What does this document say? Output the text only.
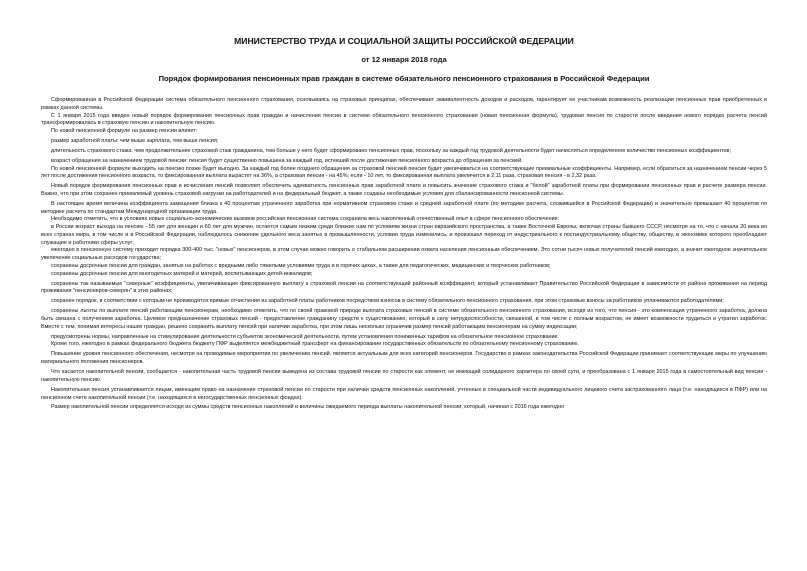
МИНИСТЕРСТВО ТРУДА И СОЦИАЛЬНОЙ ЗАЩИТЫ РОССИЙСКОЙ ФЕДЕРАЦИИ
от 12 января 2018 года
Порядок формирования пенсионных прав граждан в системе обязательного пенсионного страхования в Российской Федерации

Сформированная в Российской Федерации система обязательного пенсионного страхования, основываясь на страховых принципах, обеспечивает эквивалентность доходов и расходов, гарантирует ее участникам возможность реализации пенсионных прав приобретенных в рамках данной системы.

С 1 января 2015 года введен новый порядок формирования пенсионных прав граждан и начисления пенсии в системе обязательного пенсионного страхования (новая пенсионная формула), трудовая пенсия по старости после введения нового порядка расчета пенсий трансформировалась в страховую пенсию и накопительную пенсию.

По новой пенсионной формуле на размер пенсии влияет:

размер заработной платы: чем выше зарплата, тем выше пенсия;

длительность страхового стажа: чем продолжительнее страховой стаж гражданина, тем больше у него будет сформировано пенсионных прав, поскольку за каждый год трудовой деятельности будет начисляться определенное количество пенсионных коэффициентов;

возраст обращения за назначением трудовой пенсии: пенсия будет существенно повышена за каждый год, истекший после достижения пенсионного возраста до обращения за пенсией.

По новой пенсионной формуле выходить на пенсию позже будет выгодно. За каждый год более позднего обращения за страховой пенсией пенсия будет увеличиваться на соответствующие премиальные коэффициенты. Например, если обратиться за назначением пенсии через 5 лет после достижения пенсионного возраста, то фиксированная выплата вырастет на 36%, а страховая пенсия - на 45%; если - 10 лет, то фиксированная выплата увеличится в 2,11 раза, страховая пенсия - в 2,32 раза.

Новый порядок формирования пенсионных прав и исчисления пенсий позволяет обеспечить адекватность пенсионных прав заработной плате и повысить значение страхового стажа и "белой" заработной платы при формировании пенсионных прав и расчете размера пенсии. Важно, что при этом сохранен приемлемый уровень страховой нагрузки на работодателей и на федеральный бюджет, а также созданы необходимые условия для сбалансированности пенсионной системы.

В настоящее время величина коэффициента замещения близка к 40 процентам утраченного заработка при нормативном страховом стаже и средней заработной плате (по методике расчета, сложившейся в Российской Федерации) и значительно превышает 40 процентов по методике расчета по стандартам Международной организации труда.

Необходимо отметить, что в условиях новых социально-экономических вызовов российская пенсионная система сохранила весь накопленный отечественный опыт в сфере пенсионного обеспечения:

в России возраст выхода на пенсию - 55 лет для женщин и 60 лет для мужчин, остается самым низким среди близких нам по условиям жизни стран евразийского пространства, а также Восточной Европы, включая страны бывшего СССР, несмотря на то, что с начала 20 века во всех странах мира, в том числе и в Российской Федерации, наблюдалось снижение удельного веса занятых в промышленности, условия труда изменились, и произошел переход от индустриального к постиндустриальному обществу, обществу, в экономике которого преобладают служащие и работники сферы услуг;

ежегодно в пенсионную систему приходит порядка 300-400 тыс. "новых" пенсионеров, в этом случае можно говорить о стабильном расширении охвата населения пенсионным обеспечением. Это сотни тысяч новых получателей пенсий ежегодно, а значит ежегодное значительное увеличение социальных расходов государства;

сохранены досрочные пенсии для граждан, занятых на работах с вредными либо тяжелыми условиями труда и в горячих цехах, а также для педагогических, медицинских и творческих работников;

сохранены досрочные пенсии для многодетных матерей и матерей, воспитывающих детей-инвалидов;

сохранены так называемые "северные" коэффициенты, увеличивающие фиксированную выплату к страховой пенсии на соответствующий районный коэффициент, который устанавливает Правительство Российской Федерации в зависимости от района проживания на период проживания "пенсионеров-северян" в этих районах;

сохранен порядок, в соответствии с которым не производятся прямые отчисления из заработной платы работников посредством взносов в систему обязательного пенсионного страхования, при этом страховые взносы за работников уплачиваются работодателями;

сохранены льготы по выплате пенсий работающим пенсионерам, необходимо отметить, что по своей правовой природе выплата страховых пенсий в системе обязательного пенсионного страхования, исходя из того, что пенсия - это компенсация утраченного заработка, должна быть связана с получением заработка. Целевое предназначение страховых пенсий - предоставление гражданину средств к существованию, который в силу нетрудоспособности, связанной, в том числе с полным возрастом, не имеет возможности трудиться и утратил заработок. Вместе с тем, понимая интересы наших граждан, решено сохранить выплату пенсий при наличии заработка, при этом лишь несколько ограничив размер пенсий работающим пенсионерам на сумму индексации;

предусмотрены нормы, направленные на стимулирование деятельности субъектов экономической деятельности, путем установления пониженных тарифов на обязательное пенсионное страхование.

Кроме того, ежегодно в рамках федерального бюджета бюджету ПФР выделяется межбюджетный трансферт на финансирование государственных обязательств по обязательному пенсионному страхованию.

Повышение уровня пенсионного обеспечения, несмотря на проводимые мероприятия по увеличению пенсий, является актуальным для всех категорий пенсионеров. Государство в рамках законодательства Российской Федерации принимает соответствующие меры по улучшению материального положения пенсионеров.

Что касается накопительной пенсии, сообщается - накопительная часть трудовой пенсии выведена из состава трудовой пенсии по старости как элемент, не имеющий солидарного характера по своей сути, и преобразована с 1 января 2015 года в самостоятельный вид пенсии - накопительную пенсию.

Накопительная пенсия устанавливается лицам, имеющим право на назначение страховой пенсии по старости при наличии средств пенсионных накоплений, учтенных в специальной части индивидуального лицевого счета застрахованного лица (т.е. находящихся в ПФР) или на пенсионном счете накопительной пенсии (т.е. находящихся в негосударственных пенсионных фондах).

Размер накопительной пенсии определяется исходя из суммы средств пенсионных накоплений и величины ожидаемого периода выплаты накопительной пенсии, который, начиная с 2016 года ежегодно
